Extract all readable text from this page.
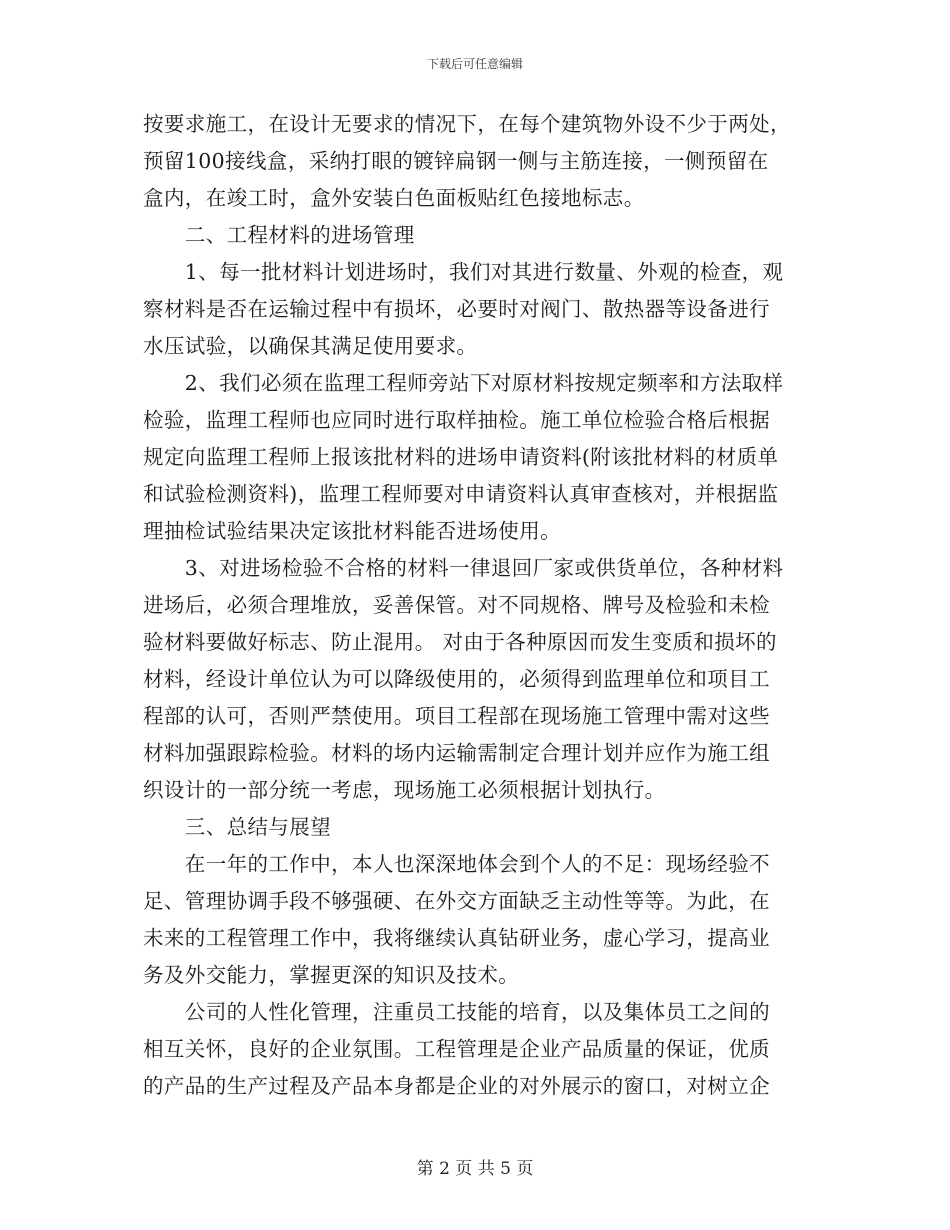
下载后可任意编辑
按要求施工，在设计无要求的情况下，在每个建筑物外设不少于两处，
预留100接线盒，采纳打眼的镀锌扁钢一侧与主筋连接，一侧预留在
盒内，在竣工时，盒外安装白色面板贴红色接地标志。
　　二、工程材料的进场管理
　　1、每一批材料计划进场时，我们对其进行数量、外观的检查，观
察材料是否在运输过程中有损坏，必要时对阀门、散热器等设备进行
水压试验，以确保其满足使用要求。
　　2、我们必须在监理工程师旁站下对原材料按规定频率和方法取样
检验，监理工程师也应同时进行取样抽检。施工单位检验合格后根据
规定向监理工程师上报该批材料的进场申请资料(附该批材料的材质单
和试验检测资料)，监理工程师要对申请资料认真审查核对，并根据监
理抽检试验结果决定该批材料能否进场使用。
　　3、对进场检验不合格的材料一律退回厂家或供货单位，各种材料
进场后，必须合理堆放，妥善保管。对不同规格、牌号及检验和未检
验材料要做好标志、防止混用。 对由于各种原因而发生变质和损坏的
材料，经设计单位认为可以降级使用的，必须得到监理单位和项目工
程部的认可，否则严禁使用。项目工程部在现场施工管理中需对这些
材料加强跟踪检验。材料的场内运输需制定合理计划并应作为施工组
织设计的一部分统一考虑，现场施工必须根据计划执行。
　　三、总结与展望
　　在一年的工作中，本人也深深地体会到个人的不足：现场经验不
足、管理协调手段不够强硬、在外交方面缺乏主动性等等。为此，在
未来的工程管理工作中，我将继续认真钻研业务，虚心学习，提高业
务及外交能力，掌握更深的知识及技术。
　　公司的人性化管理，注重员工技能的培育，以及集体员工之间的
相互关怀，良好的企业氛围。工程管理是企业产品质量的保证，优质
的产品的生产过程及产品本身都是企业的对外展示的窗口，对树立企
第 2 页 共 5 页
